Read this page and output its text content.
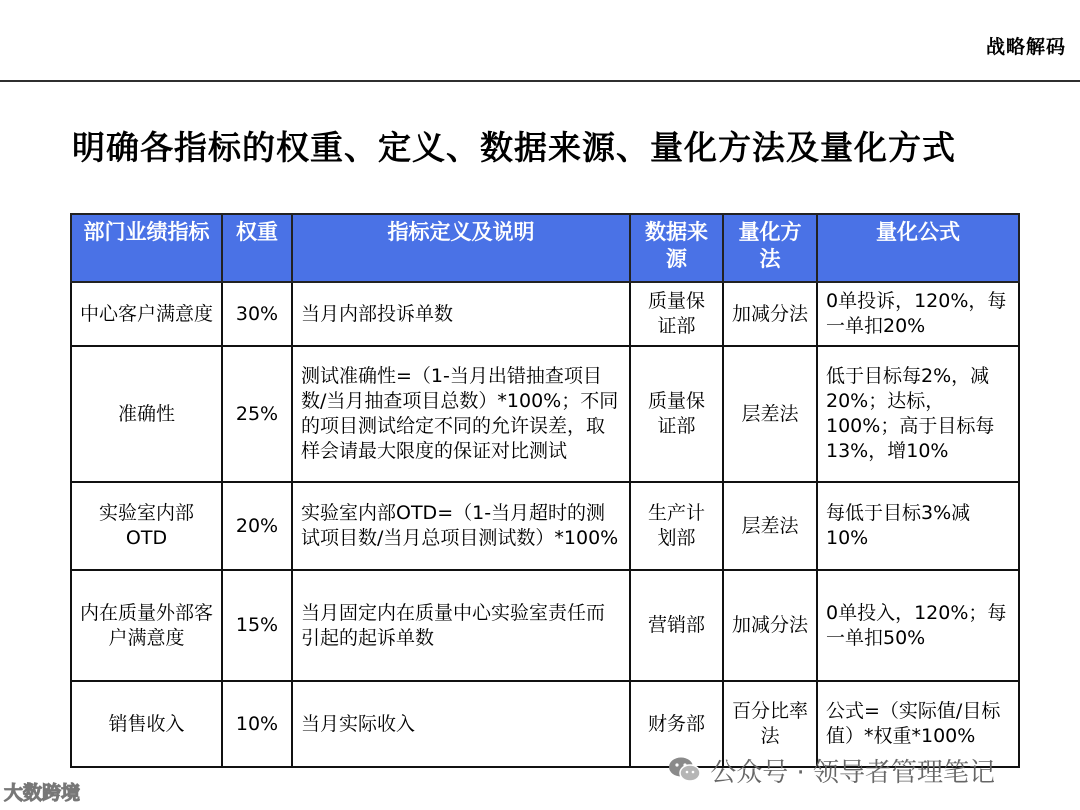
战略解码
明确各指标的权重、定义、数据来源、量化方法及量化方式
部门业绩指标	权重	指标定义及说明	数据来源	量化方法	量化公式
中心客户满意度	30%	当月内部投诉单数	质量保证部	加减分法	0单投诉，120%，每一单扣20%
准确性	25%	测试准确性=（1-当月出错抽查项目数/当月抽查项目总数）*100%；不同的项目测试给定不同的允许误差，取样会请最大限度的保证对比测试	质量保证部	层差法	低于目标每2%，减20%；达标，100%；高于目标每13%，增10%
实验室内部OTD	20%	实验室内部OTD=（1-当月超时的测试项目数/当月总项目测试数）*100%	生产计划部	层差法	每低于目标3%减10%
内在质量外部客户满意度	15%	当月固定内在质量中心实验室责任而引起的起诉单数	营销部	加减分法	0单投入，120%；每一单扣50%
销售收入	10%	当月实际收入	财务部	百分比率法	公式=（实际值/目标值）*权重*100%
大数跨境
公众号 · 领导者管理笔记
